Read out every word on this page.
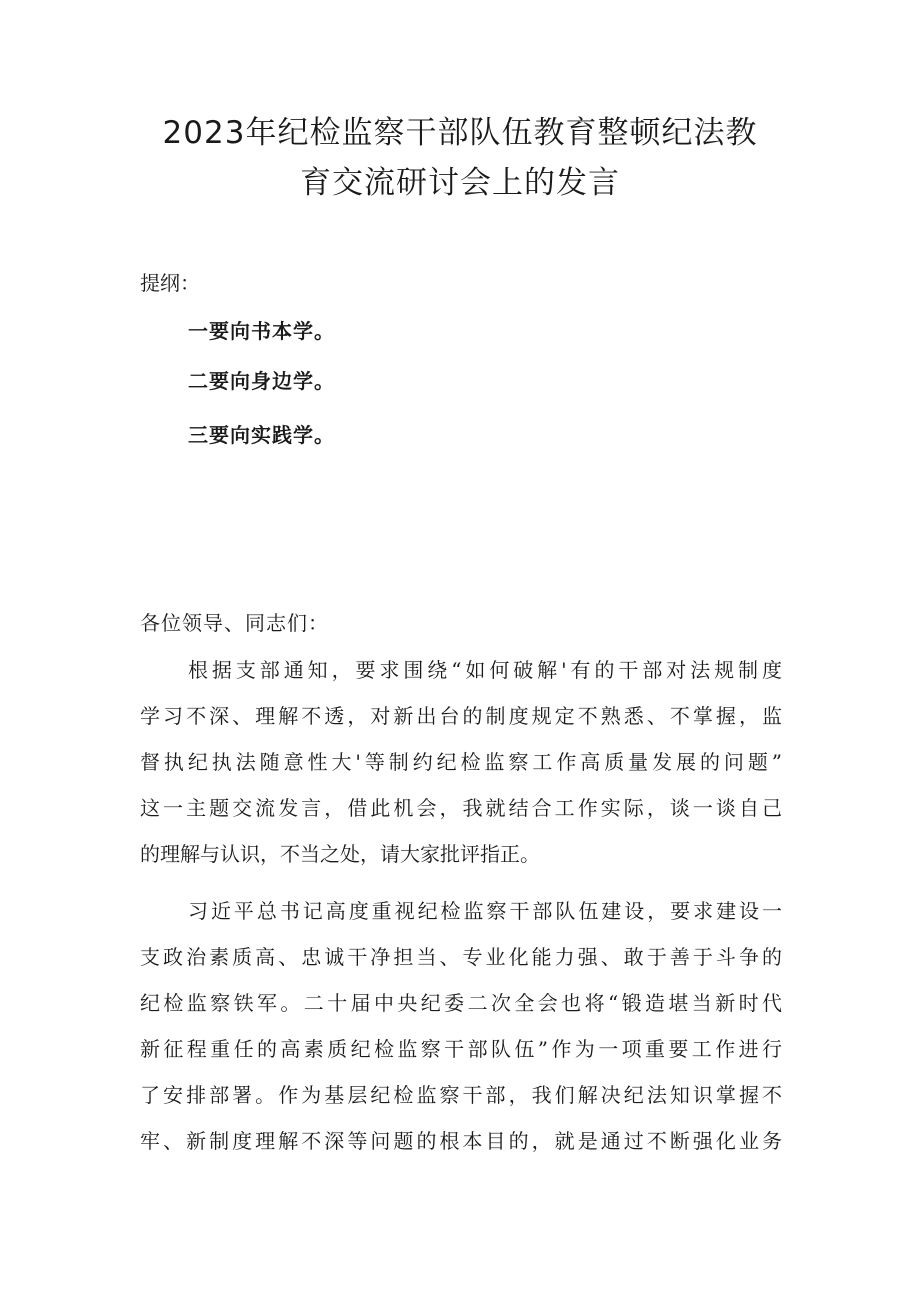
2023年纪检监察干部队伍教育整顿纪法教
育交流研讨会上的发言
提纲：
一要向书本学。
二要向身边学。
三要向实践学。
各位领导、同志们：
根据支部通知，要求围绕“如何破解'有的干部对法规制度
学习不深、理解不透，对新出台的制度规定不熟悉、不掌握，监
督执纪执法随意性大'等制约纪检监察工作高质量发展的问题”
这一主题交流发言，借此机会，我就结合工作实际，谈一谈自己
的理解与认识，不当之处，请大家批评指正。
习近平总书记高度重视纪检监察干部队伍建设，要求建设一
支政治素质高、忠诚干净担当、专业化能力强、敢于善于斗争的
纪检监察铁军。二十届中央纪委二次全会也将“锻造堪当新时代
新征程重任的高素质纪检监察干部队伍”作为一项重要工作进行
了安排部署。作为基层纪检监察干部，我们解决纪法知识掌握不
牢、新制度理解不深等问题的根本目的，就是通过不断强化业务
